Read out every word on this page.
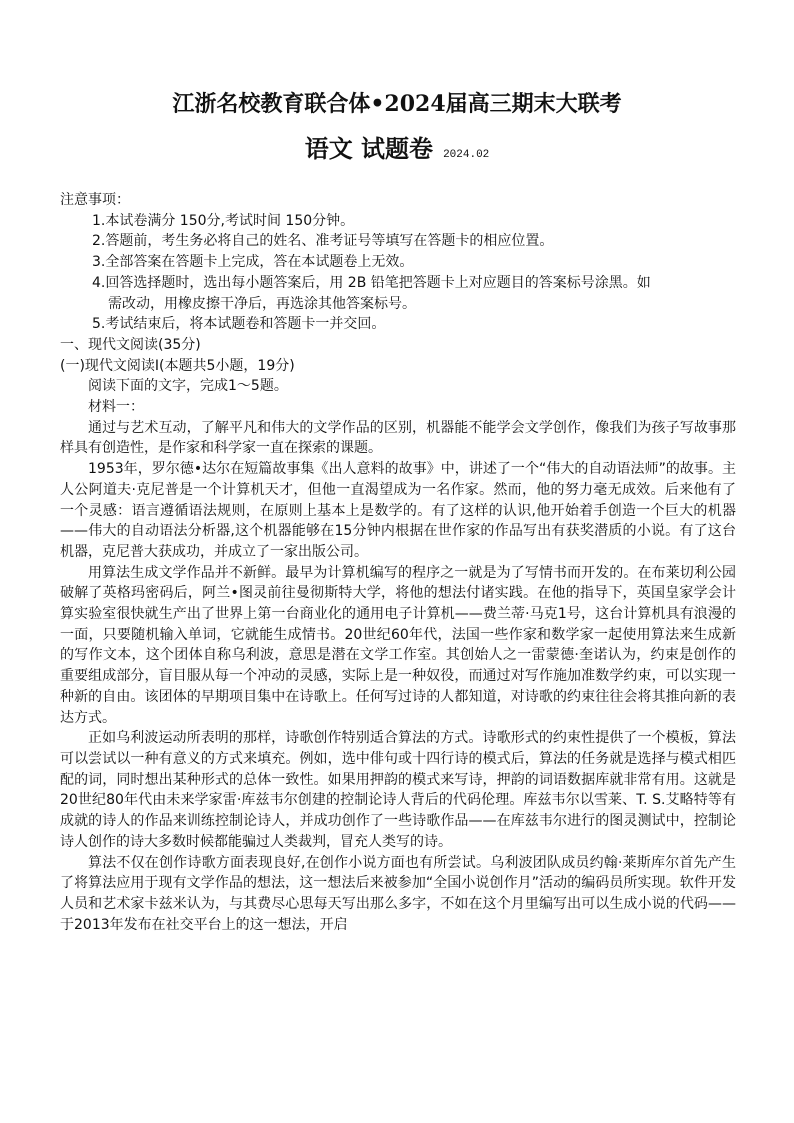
江浙名校教育联合体•2024届高三期末大联考
语文 试题卷 2024.02

注意事项：

1.本试卷满分 150分,考试时间 150分钟。

2.答题前，考生务必将自己的姓名、准考证号等填写在答题卡的相应位置。

3.全部答案在答题卡上完成，答在本试题卷上无效。

4.回答选择题时，选出每小题答案后，用 2B 铅笔把答题卡上对应题目的答案标号涂黑。如

需改动，用橡皮擦干净后，再选涂其他答案标号。

5.考试结束后，将本试题卷和答题卡一并交回。

一、现代文阅读(35分)

(一)现代文阅读Ⅰ(本题共5小题，19分)

阅读下面的文字，完成1～5题。

材料一：

通过与艺术互动，了解平凡和伟大的文学作品的区别，机器能不能学会文学创作，像我们为孩子写故事那样具有创造性，是作家和科学家一直在探索的课题。

1953年，罗尔德•达尔在短篇故事集《出人意料的故事》中，讲述了一个“伟大的自动语法师”的故事。主人公阿道夫·克尼普是一个计算机天才，但他一直渴望成为一名作家。然而，他的努力毫无成效。后来他有了一个灵感：语言遵循语法规则，在原则上基本上是数学的。有了这样的认识,他开始着手创造一个巨大的机器——伟大的自动语法分析器,这个机器能够在15分钟内根据在世作家的作品写出有获奖潜质的小说。有了这台机器，克尼普大获成功，并成立了一家出版公司。

用算法生成文学作品并不新鲜。最早为计算机编写的程序之一就是为了写情书而开发的。在布莱切利公园破解了英格玛密码后，阿兰•图灵前往曼彻斯特大学，将他的想法付诸实践。在他的指导下，英国皇家学会计算实验室很快就生产出了世界上第一台商业化的通用电子计算机——费兰蒂·马克1号，这台计算机具有浪漫的一面，只要随机输入单词，它就能生成情书。20世纪60年代，法国一些作家和数学家一起使用算法来生成新的写作文本，这个团体自称乌利波，意思是潜在文学工作室。其创始人之一雷蒙德·奎诺认为，约束是创作的重要组成部分，盲目服从每一个冲动的灵感，实际上是一种奴役，而通过对写作施加准数学约束，可以实现一种新的自由。该团体的早期项目集中在诗歌上。任何写过诗的人都知道，对诗歌的约束往往会将其推向新的表达方式。

正如乌利波运动所表明的那样，诗歌创作特别适合算法的方式。诗歌形式的约束性提供了一个模板，算法可以尝试以一种有意义的方式来填充。例如，选中俳句或十四行诗的模式后，算法的任务就是选择与模式相匹配的词，同时想出某种形式的总体一致性。如果用押韵的模式来写诗，押韵的词语数据库就非常有用。这就是20世纪80年代由未来学家雷·库兹韦尔创建的控制论诗人背后的代码伦理。库兹韦尔以雪莱、T. S.艾略特等有成就的诗人的作品来训练控制论诗人，并成功创作了一些诗歌作品——在库兹韦尔进行的图灵测试中，控制论诗人创作的诗大多数时候都能骗过人类裁判，冒充人类写的诗。

算法不仅在创作诗歌方面表现良好,在创作小说方面也有所尝试。乌利波团队成员约翰·莱斯库尔首先产生了将算法应用于现有文学作品的想法，这一想法后来被参加“全国小说创作月”活动的编码员所实现。软件开发人员和艺术家卡兹米认为，与其费尽心思每天写出那么多字，不如在这个月里编写出可以生成小说的代码——于2013年发布在社交平台上的这一想法，开启
